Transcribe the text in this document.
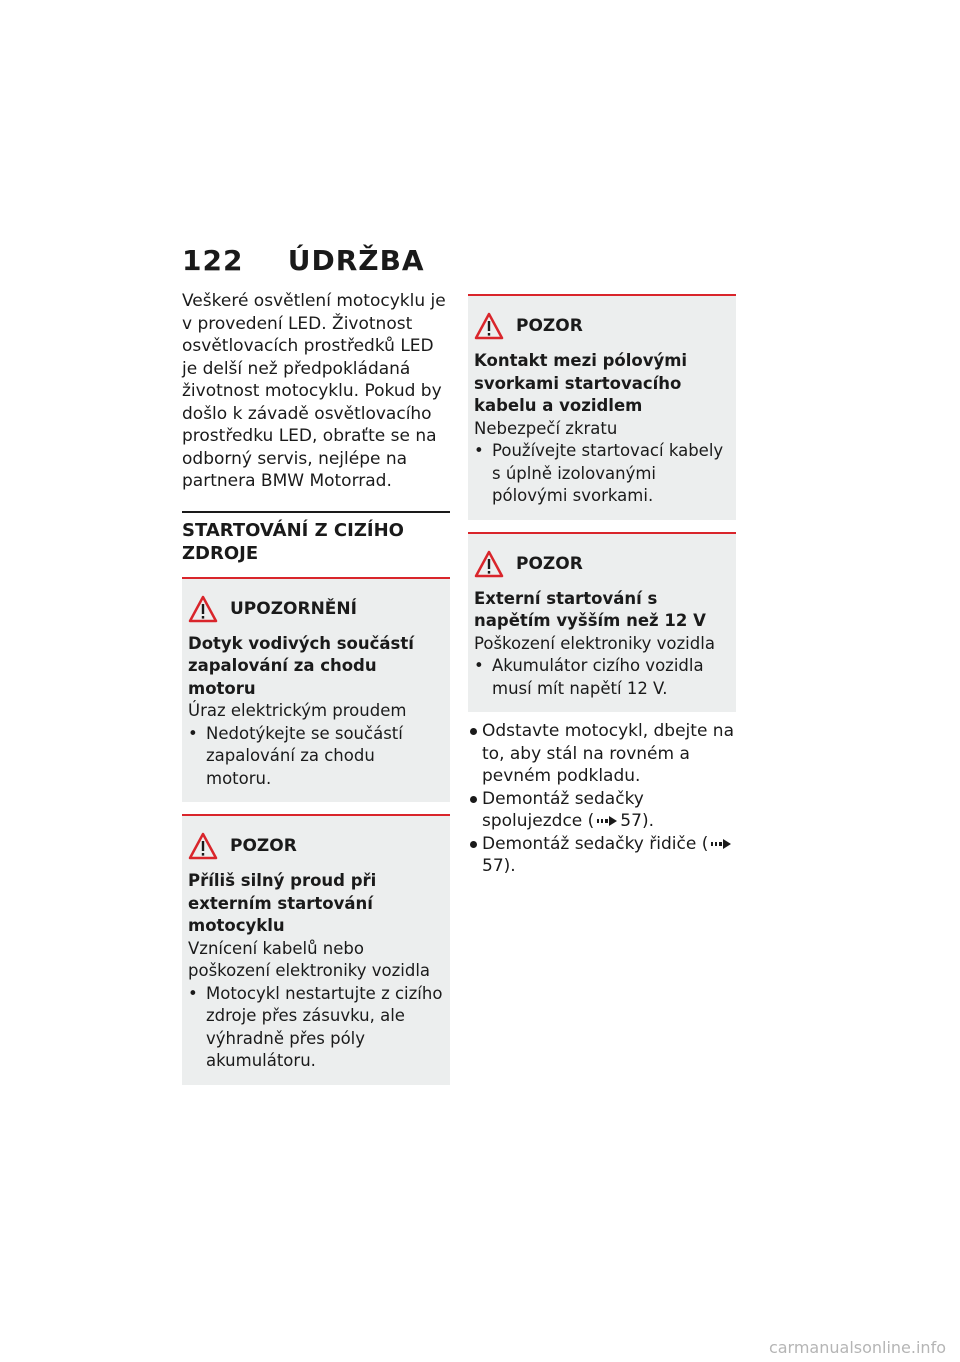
122 ÚDRŽBA

Veškeré osvětlení motocyklu je v provedení LED. Životnost osvětlovacích prostředků LED je delší než předpokládaná životnost motocyklu. Pokud by došlo k závadě osvětlovacího prostředku LED, obraťte se na odborný servis, nejlépe na partnera BMW Motorrad.

STARTOVÁNÍ Z CIZÍHO ZDROJE
UPOZORNĚNÍ
Dotyk vodivých součástí zapalování za chodu motoru
Úraz elektrickým proudem
• Nedotýkejte se součástí zapalování za chodu motoru.
POZOR
Příliš silný proud při externím startování motocyklu
Vznícení kabelů nebo poškození elektroniky vozidla
• Motocykl nestartujte z cizího zdroje přes zásuvku, ale výhradně přes póly akumulátoru.
POZOR
Kontakt mezi pólovými svorkami startovacího kabelu a vozidlem
Nebezpečí zkratu
• Používejte startovací kabely s úplně izolovanými pólovými svorkami.
POZOR
Externí startování s napětím vyšším než 12 V
Poškození elektroniky vozidla
• Akumulátor cizího vozidla musí mít napětí 12 V.
Odstavte motocykl, dbejte na to, aby stál na rovném a pevném podkladu.
Demontáž sedačky spolujezdce ( 57).
Demontáž sedačky řidiče (57).
carmanualsonline.info
